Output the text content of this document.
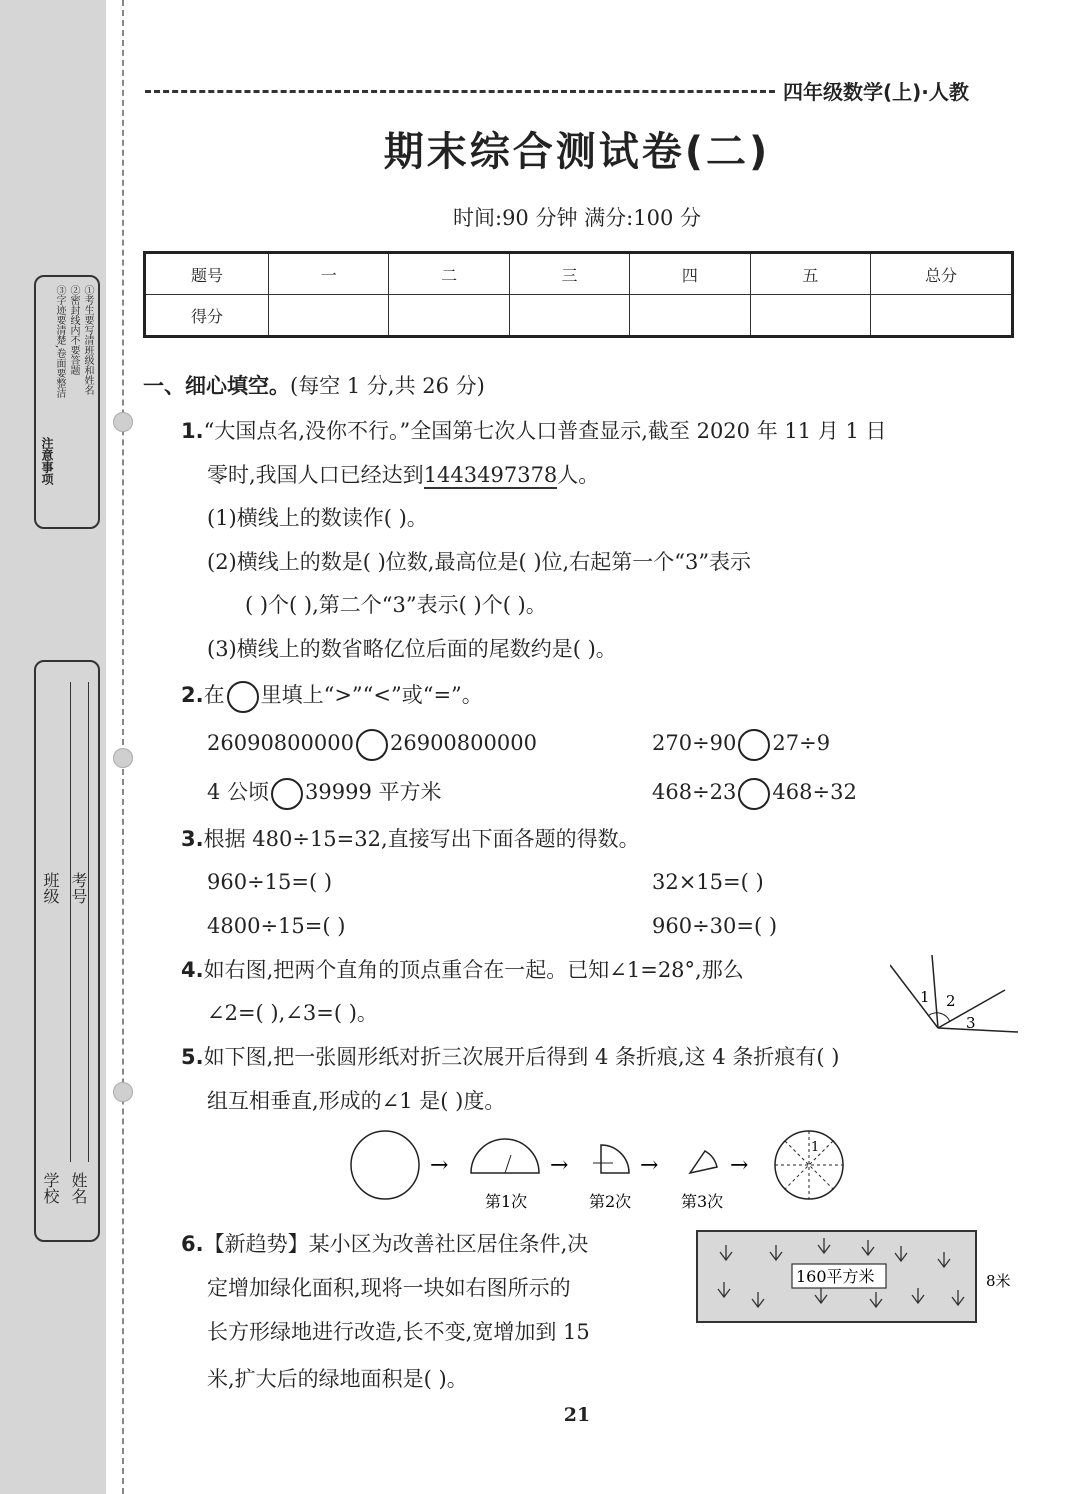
①考生要写清班级和姓名
②密封线内不要答题
③字迹要清楚,卷面要整洁
注意事项
学校 姓名
班级 考号
四年级数学(上)·人教
期末综合测试卷(二)
时间:90 分钟 满分:100 分
题号	一	二	三	四	五	总分
得分						
一、细心填空。(每空 1 分,共 26 分)
1.“大国点名,没你不行。”全国第七次人口普查显示,截至 2020 年 11 月 1 日
零时,我国人口已经达到1443497378人。
(1)横线上的数读作( )。
(2)横线上的数是( )位数,最高位是( )位,右起第一个“3”表示
( )个( ),第二个“3”表示( )个( )。
(3)横线上的数省略亿位后面的尾数约是( )。
2.在 里填上“>”“<”或“=”。
26090800000 26900800000	270÷90 27÷9
4 公顷 39999 平方米	468÷23 468÷32
3.根据 480÷15=32,直接写出下面各题的得数。
960÷15=( )	32×15=( )
4800÷15=( )	960÷30=( )
4.如右图,把两个直角的顶点重合在一起。已知∠1=28°,那么
∠2=( ),∠3=( )。
1 2
3
5.如下图,把一张圆形纸对折三次展开后得到 4 条折痕,这 4 条折痕有( )
组互相垂直,形成的∠1 是( )度。
→	→	→	→
1
第1次	第2次	第3次
6.【新趋势】某小区为改善社区居住条件,决
定增加绿化面积,现将一块如右图所示的
长方形绿地进行改造,长不变,宽增加到 15
米,扩大后的绿地面积是( )。
160平方米	8米
21
